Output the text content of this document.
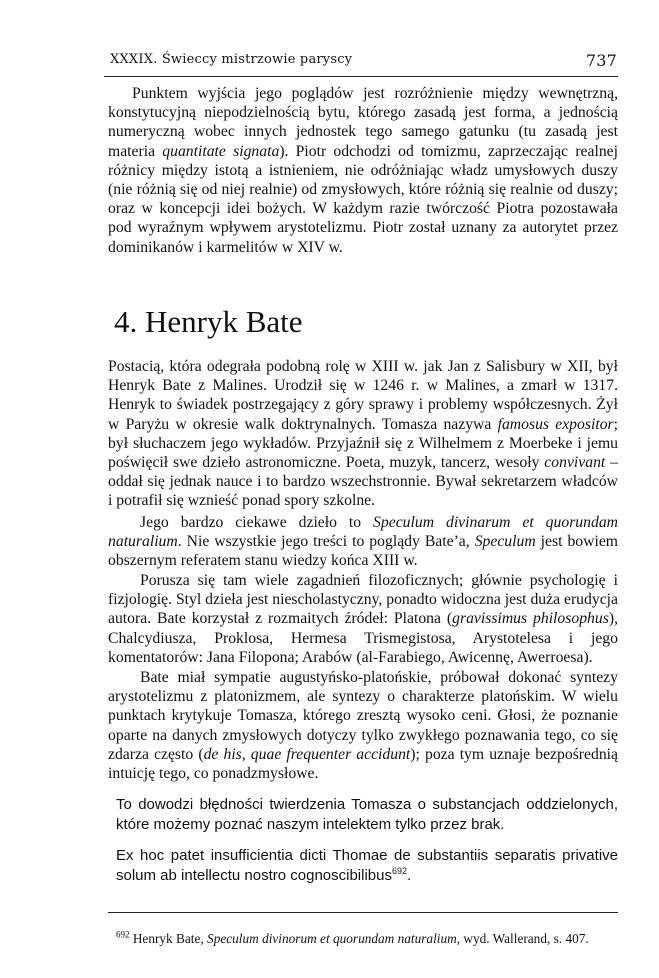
XXXIX. Świeccy mistrzowie paryscy	737
Punktem wyjścia jego poglądów jest rozróżnienie między wewnętrzną, konstytucyjną niepodzielnością bytu, którego zasadą jest forma, a jednością numeryczną wobec innych jednostek tego samego gatunku (tu zasadą jest materia quantitate signata). Piotr odchodzi od tomizmu, zaprzeczając realnej różnicy między istotą a istnieniem, nie odróżniając władz umysłowych duszy (nie różnią się od niej realnie) od zmysłowych, które różnią się realnie od duszy; oraz w koncepcji idei bożych. W każdym razie twórczość Piotra pozostawała pod wyraźnym wpływem arystotelizmu. Piotr został uznany za autorytet przez dominikanów i karmelitów w XIV w.
4. Henryk Bate
Postacią, która odegrała podobną rolę w XIII w. jak Jan z Salisbury w XII, był Henryk Bate z Malines. Urodził się w 1246 r. w Malines, a zmarł w 1317. Henryk to świadek postrzegający z góry sprawy i problemy współczesnych. Żył w Paryżu w okresie walk doktrynalnych. Tomasza nazywa famosus expositor; był słuchaczem jego wykładów. Przyjaźnił się z Wilhelmem z Moerbeke i jemu poświęcił swe dzieło astronomiczne. Poeta, muzyk, tancerz, wesoły convivant – oddał się jednak nauce i to bardzo wszechstronnie. Bywał sekretarzem władców i potrafił się wznieść ponad spory szkolne.
Jego bardzo ciekawe dzieło to Speculum divinarum et quorundam naturalium. Nie wszystkie jego treści to poglądy Bate’a, Speculum jest bowiem obszernym referatem stanu wiedzy końca XIII w.
Porusza się tam wiele zagadnień filozoficznych; głównie psychologię i fizjologię. Styl dzieła jest niescholastyczny, ponadto widoczna jest duża erudycja autora. Bate korzystał z rozmaitych źródeł: Platona (gravissimus philosophus), Chalcydiusza, Proklosa, Hermesa Trismegistosa, Arystotelesa i jego komentatorów: Jana Filopona; Arabów (al-Farabiego, Awicennę, Awerroesa).
Bate miał sympatie augustyńsko-platońskie, próbował dokonać syntezy arystotelizmu z platonizmem, ale syntezy o charakterze platońskim. W wielu punktach krytykuje Tomasza, którego zresztą wysoko ceni. Głosi, że poznanie oparte na danych zmysłowych dotyczy tylko zwykłego poznawania tego, co się zdarza często (de his, quae frequenter accidunt); poza tym uznaje bezpośrednią intuicję tego, co ponadzmysłowe.
To dowodzi błędności twierdzenia Tomasza o substancjach oddzielonych, które możemy poznać naszym intelektem tylko przez brak.
Ex hoc patet insufficientia dicti Thomae de substantiis separatis privative solum ab intellectu nostro cognoscibilibus$^{692}$.
$^{692}$ Henryk Bate, Speculum divinorum et quorundam naturalium, wyd. Wallerand, s. 407.
